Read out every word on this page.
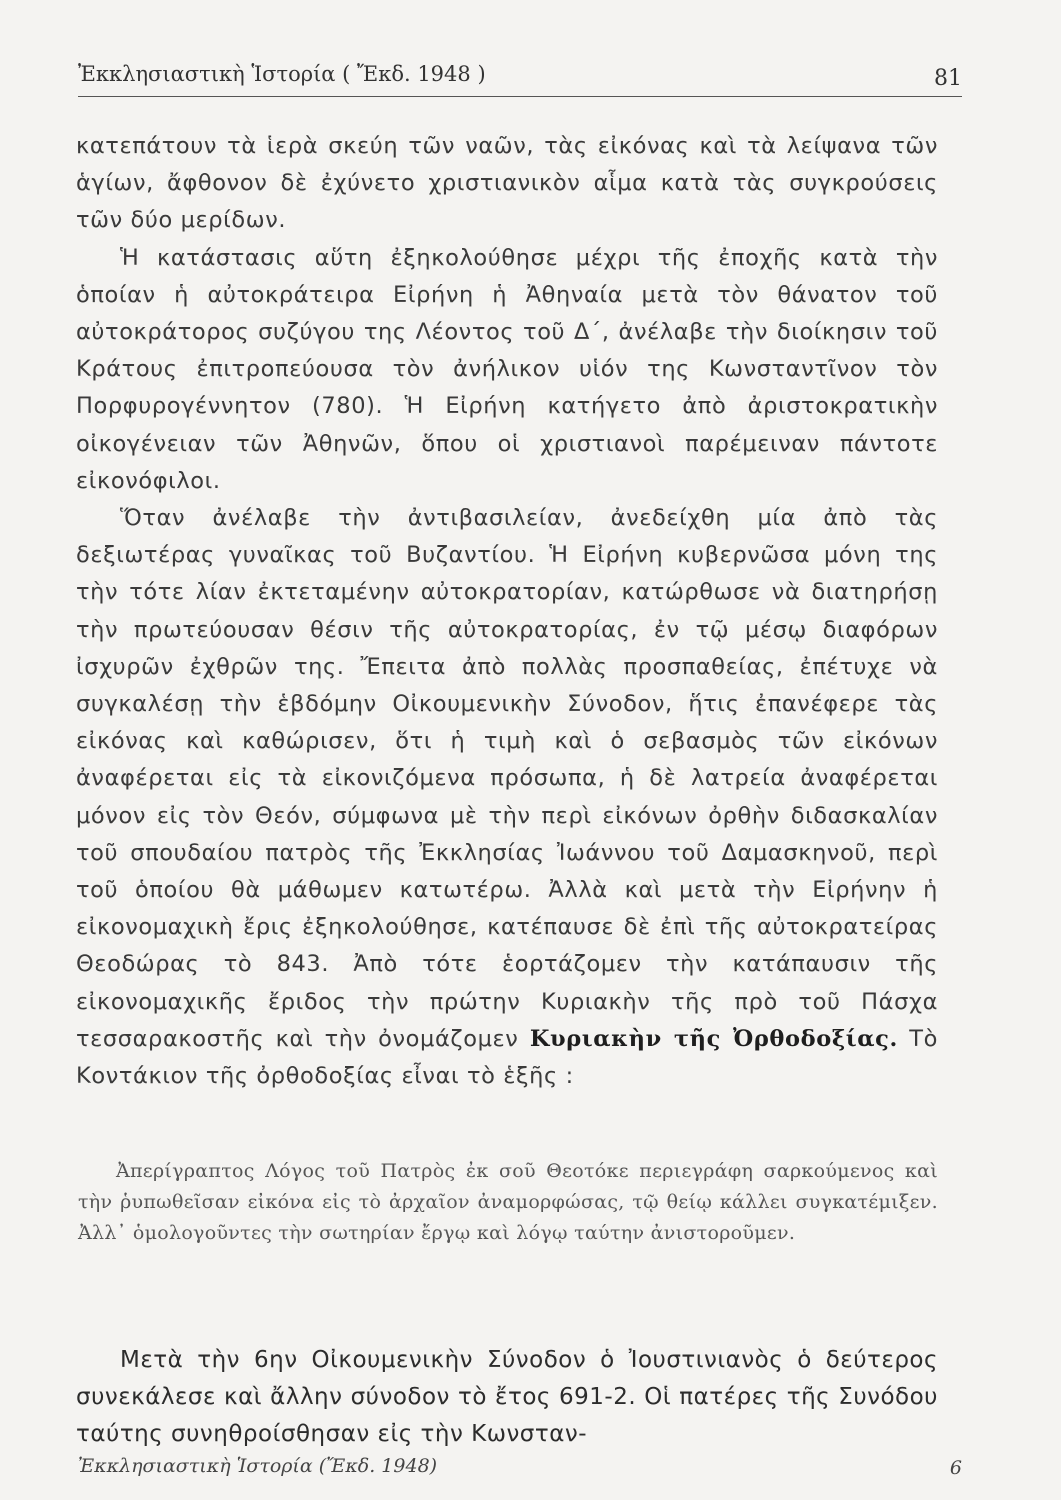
Ἐκκλησιαστικὴ Ἱστορία ( Ἔκδ. 1948 )	81

κατεπάτουν τὰ ἱερὰ σκεύη τῶν ναῶν, τὰς εἰκόνας καὶ τὰ λείψανα τῶν ἁγίων, ἄφθονον δὲ ἐχύνετο χριστιανικὸν αἷμα κατὰ τὰς συγκρούσεις τῶν δύο μερίδων.

Ἡ κατάστασις αὕτη ἐξηκολούθησε μέχρι τῆς ἐποχῆς κατὰ τὴν ὁποίαν ἡ αὐτοκράτειρα Εἰρήνη ἡ Ἀθηναία μετὰ τὸν θάνατον τοῦ αὐτοκράτορος συζύγου της Λέοντος τοῦ Δ΄, ἀνέλαβε τὴν διοίκησιν τοῦ Κράτους ἐπιτροπεύουσα τὸν ἀνήλικον υἱόν της Κωνσταντῖνον τὸν Πορφυρογέννητον (780). Ἡ Εἰρήνη κατήγετο ἀπὸ ἀριστοκρατικὴν οἰκογένειαν τῶν Ἀθηνῶν, ὅπου οἱ χριστιανοὶ παρέμειναν πάντοτε εἰκονόφιλοι.

Ὅταν ἀνέλαβε τὴν ἀντιβασιλείαν, ἀνεδείχθη μία ἀπὸ τὰς δεξιωτέρας γυναῖκας τοῦ Βυζαντίου. Ἡ Εἰρήνη κυβερνῶσα μόνη της τὴν τότε λίαν ἐκτεταμένην αὐτοκρατορίαν, κατώρθωσε νὰ διατηρήσῃ τὴν πρωτεύουσαν θέσιν τῆς αὐτοκρατορίας, ἐν τῷ μέσῳ διαφόρων ἰσχυρῶν ἐχθρῶν της. Ἔπειτα ἀπὸ πολλὰς προσπαθείας, ἐπέτυχε νὰ συγκαλέσῃ τὴν ἑβδόμην Οἰκουμενικὴν Σύνοδον, ἥτις ἐπανέφερε τὰς εἰκόνας καὶ καθώρισεν, ὅτι ἡ τιμὴ καὶ ὁ σεβασμὸς τῶν εἰκόνων ἀναφέρεται εἰς τὰ εἰκονιζόμενα πρόσωπα, ἡ δὲ λατρεία ἀναφέρεται μόνον εἰς τὸν Θεόν, σύμφωνα μὲ τὴν περὶ εἰκόνων ὀρθὴν διδασκαλίαν τοῦ σπουδαίου πατρὸς τῆς Ἐκκλησίας Ἰωάννου τοῦ Δαμασκηνοῦ, περὶ τοῦ ὁποίου θὰ μάθωμεν κατωτέρω. Ἀλλὰ καὶ μετὰ τὴν Εἰρήνην ἡ εἰκονομαχικὴ ἔρις ἐξηκολούθησε, κατέπαυσε δὲ ἐπὶ τῆς αὐτοκρατείρας Θεοδώρας τὸ 843. Ἀπὸ τότε ἑορτάζομεν τὴν κατάπαυσιν τῆς εἰκονομαχικῆς ἔριδος τὴν πρώτην Κυριακὴν τῆς πρὸ τοῦ Πάσχα τεσσαρακοστῆς καὶ τὴν ὀνομάζομεν Κυριακὴν τῆς Ὀρθοδοξίας. Τὸ Κοντάκιον τῆς ὀρθοδοξίας εἶναι τὸ ἑξῆς :

Ἀπερίγραπτος Λόγος τοῦ Πατρὸς ἐκ σοῦ Θεοτόκε περιεγράφη σαρκούμενος καὶ τὴν ῥυπωθεῖσαν εἰκόνα εἰς τὸ ἀρχαῖον ἀναμορφώσας, τῷ θείῳ κάλλει συγκατέμιξεν. Ἀλλ᾽ ὁμολογοῦντες τὴν σωτηρίαν ἔργῳ καὶ λόγῳ ταύτην ἀνιστοροῦμεν.

Μετὰ τὴν 6ην Οἰκουμενικὴν Σύνοδον ὁ Ἰουστινιανὸς ὁ δεύτερος συνεκάλεσε καὶ ἄλλην σύνοδον τὸ ἔτος 691-2. Οἱ πατέρες τῆς Συνόδου ταύτης συνηθροίσθησαν εἰς τὴν Κωνσταν-

Ἐκκλησιαστικὴ Ἱστορία (Ἔκδ. 1948)	6
